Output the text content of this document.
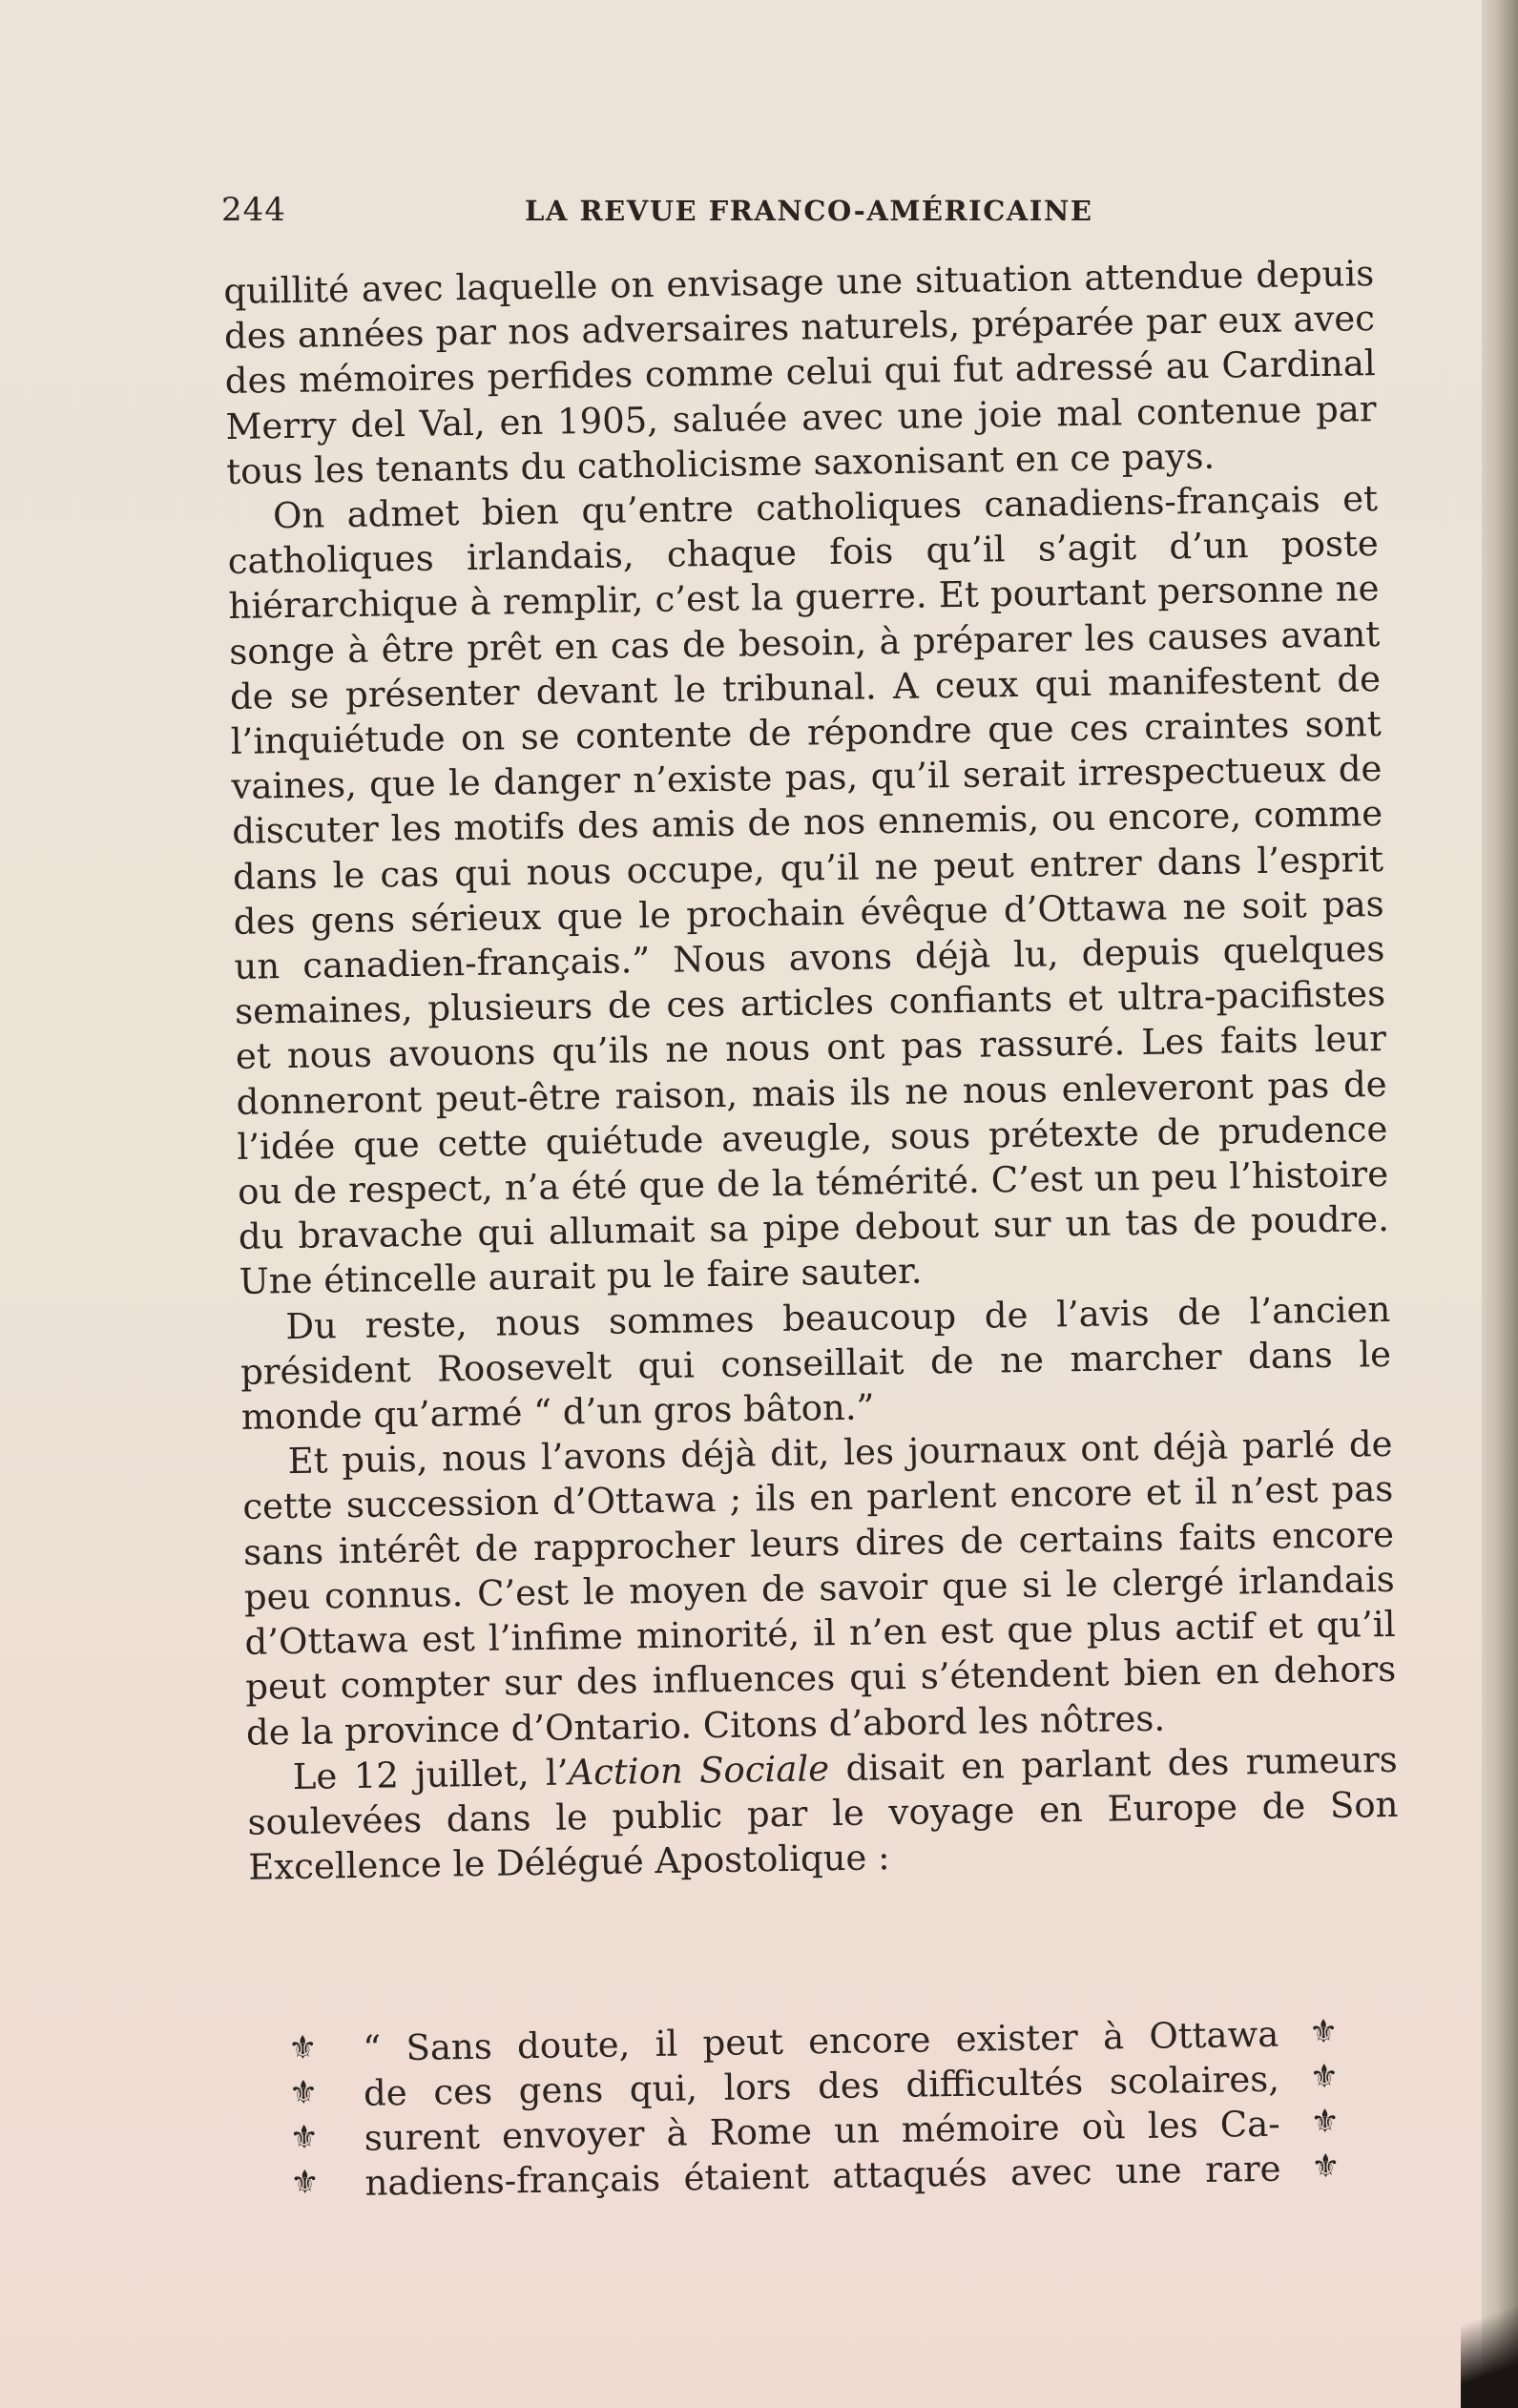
244	LA REVUE FRANCO-AMÉRICAINE

quillité avec laquelle on envisage une situation attendue depuis des années par nos adversaires naturels, préparée par eux avec des mémoires perfides comme celui qui fut adressé au Cardinal Merry del Val, en 1905, saluée avec une joie mal contenue par tous les tenants du catholicisme saxonisant en ce pays.

On admet bien qu’entre catholiques canadiens-français et catholiques irlandais, chaque fois qu’il s’agit d’un poste hiérarchique à remplir, c’est la guerre. Et pourtant personne ne songe à être prêt en cas de besoin, à préparer les causes avant de se présenter devant le tribunal. A ceux qui manifestent de l’inquiétude on se contente de répondre que ces craintes sont vaines, que le danger n’existe pas, qu’il serait irrespectueux de discuter les motifs des amis de nos ennemis, ou encore, comme dans le cas qui nous occupe, qu’il ne peut entrer dans l’esprit des gens sérieux que le prochain évêque d’Ottawa ne soit pas un canadien-français.” Nous avons déjà lu, depuis quelques semaines, plusieurs de ces articles confiants et ultra-pacifistes et nous avouons qu’ils ne nous ont pas rassuré. Les faits leur donneront peut-être raison, mais ils ne nous enleveront pas de l’idée que cette quiétude aveugle, sous prétexte de prudence ou de respect, n’a été que de la témérité. C’est un peu l’histoire du bravache qui allumait sa pipe debout sur un tas de poudre. Une étincelle aurait pu le faire sauter.

Du reste, nous sommes beaucoup de l’avis de l’ancien président Roosevelt qui conseillait de ne marcher dans le monde qu’armé “ d’un gros bâton.”

Et puis, nous l’avons déjà dit, les journaux ont déjà parlé de cette succession d’Ottawa ; ils en parlent encore et il n’est pas sans intérêt de rapprocher leurs dires de certains faits encore peu connus. C’est le moyen de savoir que si le clergé irlandais d’Ottawa est l’infime minorité, il n’en est que plus actif et qu’il peut compter sur des influences qui s’étendent bien en dehors de la province d’Ontario. Citons d’abord les nôtres.

Le 12 juillet, l’Action Sociale disait en parlant des rumeurs soulevées dans le public par le voyage en Europe de Son Excellence le Délégué Apostolique :

⚜ “ Sans doute, il peut encore exister à Ottawa ⚜
⚜ de ces gens qui, lors des difficultés scolaires, ⚜
⚜ surent envoyer à Rome un mémoire où les Ca- ⚜
⚜ nadiens-français étaient attaqués avec une rare ⚜
